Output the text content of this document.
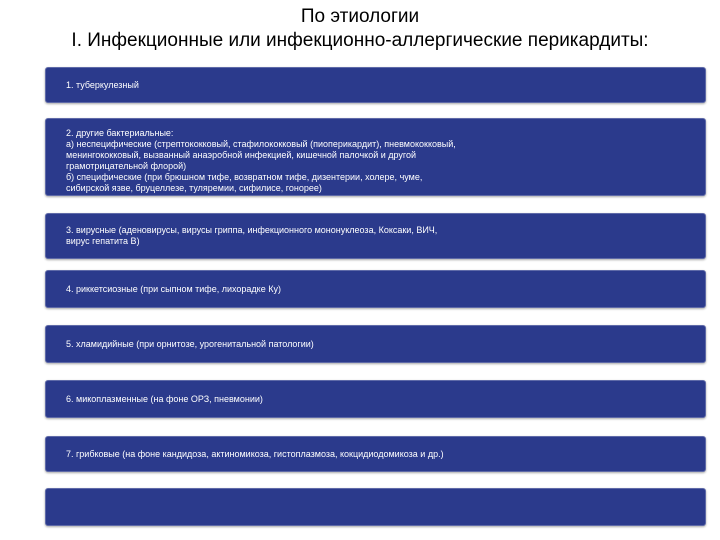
По этиологии
I. Инфекционные или инфекционно-аллергические перикардиты:
1. туберкулезный
2. другие бактериальные:
а) неспецифические (стрептококковый, стафилококковый (пиоперикардит), пневмококковый,
менингококковый, вызванный анаэробной инфекцией, кишечной палочкой и другой
грамотрицательной флорой)
б) специфические (при брюшном тифе, возвратном тифе, дизентерии, холере, чуме,
сибирской язве, бруцеллезе, туляремии, сифилисе, гонорее)
3. вирусные (аденовирусы, вирусы гриппа, инфекционного мононуклеоза, Коксаки, ВИЧ,
вирус гепатита В)
4. риккетсиозные (при сыпном тифе, лихорадке Ку)
5. хламидийные (при орнитозе, урогенитальной патологии)
6. микоплазменные (на фоне ОРЗ, пневмонии)
7. грибковые (на фоне кандидоза, актиномикоза, гистоплазмоза, кокцидиодомикоза и др.)
